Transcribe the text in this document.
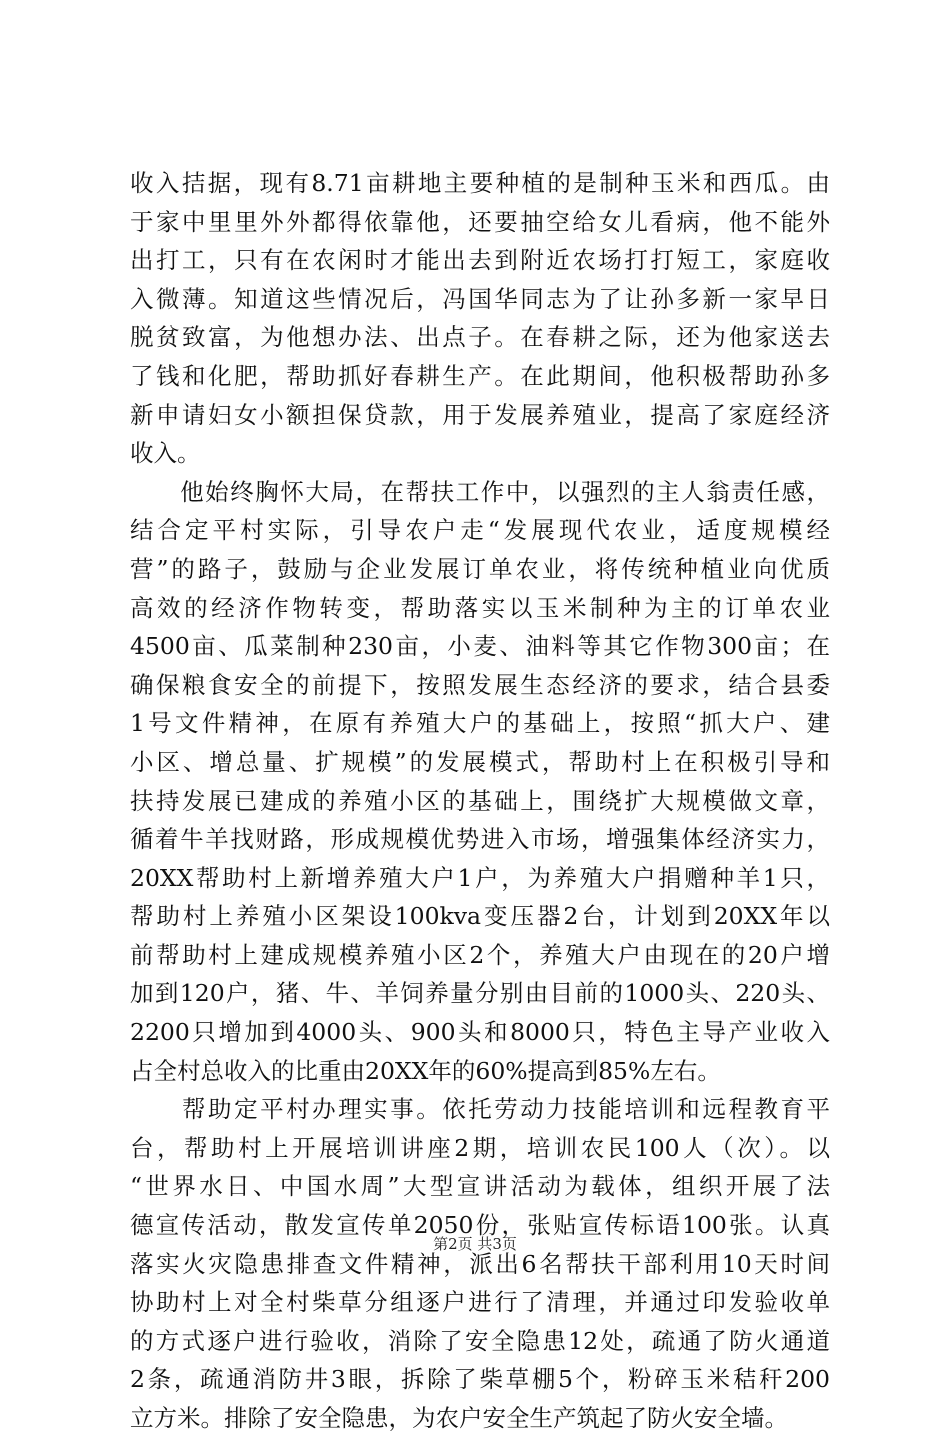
收入拮据，现有8.71亩耕地主要种植的是制种玉米和西瓜。由
于家中里里外外都得依靠他，还要抽空给女儿看病，他不能外
出打工，只有在农闲时才能出去到附近农场打打短工，家庭收
入微薄。知道这些情况后，冯国华同志为了让孙多新一家早日
脱贫致富，为他想办法、出点子。在春耕之际，还为他家送去
了钱和化肥，帮助抓好春耕生产。在此期间，他积极帮助孙多
新申请妇女小额担保贷款，用于发展养殖业，提高了家庭经济
收入。
　　他始终胸怀大局，在帮扶工作中，以强烈的主人翁责任感，
结合定平村实际，引导农户走“发展现代农业，适度规模经
营”的路子，鼓励与企业发展订单农业，将传统种植业向优质
高效的经济作物转变，帮助落实以玉米制种为主的订单农业
4500亩、瓜菜制种230亩，小麦、油料等其它作物300亩；在
确保粮食安全的前提下，按照发展生态经济的要求，结合县委
1号文件精神，在原有养殖大户的基础上，按照“抓大户、建
小区、增总量、扩规模”的发展模式，帮助村上在积极引导和
扶持发展已建成的养殖小区的基础上，围绕扩大规模做文章，
循着牛羊找财路，形成规模优势进入市场，增强集体经济实力，
20XX帮助村上新增养殖大户1户，为养殖大户捐赠种羊1只，
帮助村上养殖小区架设100kva变压器2台，计划到20XX年以
前帮助村上建成规模养殖小区2个，养殖大户由现在的20户增
加到120户，猪、牛、羊饲养量分别由目前的1000头、220头、
2200只增加到4000头、900头和8000只，特色主导产业收入
占全村总收入的比重由20XX年的60%提高到85%左右。
　　帮助定平村办理实事。依托劳动力技能培训和远程教育平
台，帮助村上开展培训讲座2期，培训农民100人（次）。以
“世界水日、中国水周”大型宣讲活动为载体，组织开展了法
德宣传活动，散发宣传单2050份，张贴宣传标语100张。认真
落实火灾隐患排查文件精神，派出6名帮扶干部利用10天时间
协助村上对全村柴草分组逐户进行了清理，并通过印发验收单
的方式逐户进行验收，消除了安全隐患12处，疏通了防火通道
2条，疏通消防井3眼，拆除了柴草棚5个，粉碎玉米秸秆200
立方米。排除了安全隐患，为农户安全生产筑起了防火安全墙。
第2页 共3页
